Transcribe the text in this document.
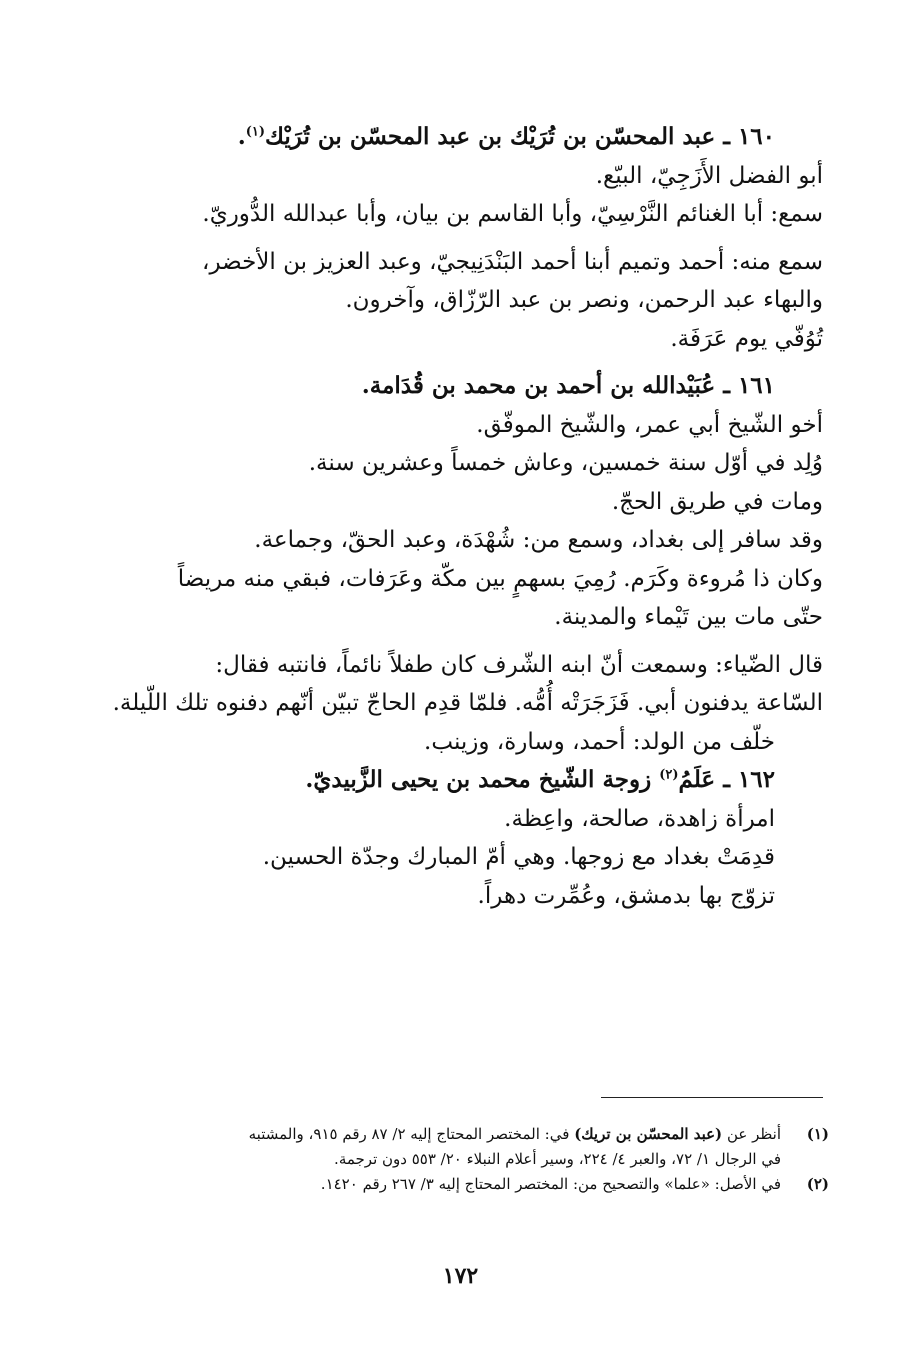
١٦٠ ـ عبد المحسّن بن تُرَيْك بن عبد المحسّن بن تُرَيْك$^{(١)}$.
أبو الفضل الأَزَجِيّ، البيّع.
سمع: أبا الغنائم النَّرْسِيّ، وأبا القاسم بن بيان، وأبا عبدالله الدُّوريّ.
سمع منه: أحمد وتميم أبنا أحمد البَنْدَنِيجيّ، وعبد العزيز بن الأخضر،
والبهاء عبد الرحمن، ونصر بن عبد الرّزّاق، وآخرون.
تُوُفّي يوم عَرَفَة.
١٦١ ـ عُبَيْدالله بن أحمد بن محمد بن قُدَامة.
أخو الشّيخ أبي عمر، والشّيخ الموفّق.
وُلِد في أوّل سنة خمسين، وعاش خمساً وعشرين سنة.
ومات في طريق الحجّ.
وقد سافر إلى بغداد، وسمع من: شُهْدَة، وعبد الحقّ، وجماعة.
وكان ذا مُروءة وكَرَم. رُمِيَ بسهمٍ بين مكّة وعَرَفات، فبقي منه مريضاً
حتّى مات بين تَيْماء والمدينة.
قال الضّياء: وسمعت أنّ ابنه الشّرف كان طفلاً نائماً، فانتبه فقال:
السّاعة يدفنون أبي. فَزَجَرَتْه أُمُّه. فلمّا قدِم الحاجّ تبيّن أنّهم دفنوه تلك اللّيلة.
خلّف من الولد: أحمد، وسارة، وزينب.
١٦٢ ـ عَلَمُ$^{(٢)}$ زوجة الشّيخ محمد بن يحيى الزَّبيديّ.
امرأة زاهدة، صالحة، واعِظة.
قدِمَتْ بغداد مع زوجها. وهي أمّ المبارك وجدّة الحسين.
تزوّج بها بدمشق، وعُمِّرت دهراً.
(١)
أنظر عن (عبد المحسّن بن تريك) في: المختصر المحتاج إليه ٢/ ٨٧ رقم ٩١٥، والمشتبه
في الرجال ١/ ٧٢، والعبر ٤/ ٢٢٤، وسير أعلام النبلاء ٢٠/ ٥٥٣ دون ترجمة.
(٢)
في الأصل: «علما» والتصحيح من: المختصر المحتاج إليه ٣/ ٢٦٧ رقم ١٤٢٠.
١٧٢
